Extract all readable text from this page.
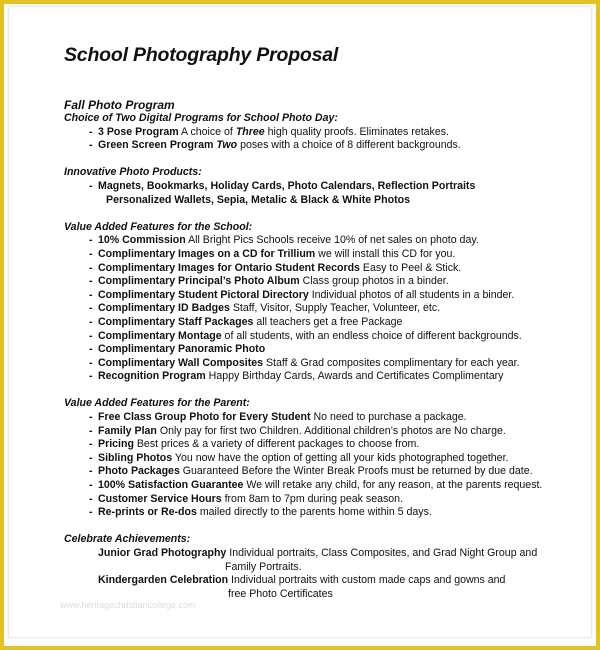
School Photography Proposal
Fall Photo Program
Choice of Two Digital Programs for School Photo Day:
- 3 Pose Program A choice of Three high quality proofs. Eliminates retakes.
- Green Screen Program Two poses with a choice of 8 different backgrounds.
Innovative Photo Products:
- Magnets, Bookmarks, Holiday Cards, Photo Calendars, Reflection Portraits
Personalized Wallets, Sepia, Metalic & Black & White Photos
Value Added Features for the School:
- 10% Commission All Bright Pics Schools receive 10% of net sales on photo day.
- Complimentary Images on a CD for Trillium we will install this CD for you.
- Complimentary Images for Ontario Student Records Easy to Peel & Stick.
- Complimentary Principal’s Photo Album Class group photos in a binder.
- Complimentary Student Pictoral Directory Individual photos of all students in a binder.
- Complimentary ID Badges Staff, Visitor, Supply Teacher, Volunteer, etc.
- Complimentary Staff Packages all teachers get a free Package
- Complimentary Montage of all students, with an endless choice of different backgrounds.
- Complimentary Panoramic Photo
- Complimentary Wall Composites Staff & Grad composites complimentary for each year.
- Recognition Program Happy Birthday Cards, Awards and Certificates Complimentary
Value Added Features for the Parent:
- Free Class Group Photo for Every Student No need to purchase a package.
- Family Plan Only pay for first two Children. Additional children’s photos are No charge.
- Pricing Best prices & a variety of different packages to choose from.
- Sibling Photos You now have the option of getting all your kids photographed together.
- Photo Packages Guaranteed Before the Winter Break Proofs must be returned by due date.
- 100% Satisfaction Guarantee We will retake any child, for any reason, at the parents request.
- Customer Service Hours from 8am to 7pm during peak season.
- Re-prints or Re-dos mailed directly to the parents home within 5 days.
Celebrate Achievements:
Junior Grad Photography Individual portraits, Class Composites, and Grad Night Group and
Family Portraits.
Kindergarden Celebration Individual portraits with custom made caps and gowns and
free Photo Certificates
www.heritagechristiancollege.com
